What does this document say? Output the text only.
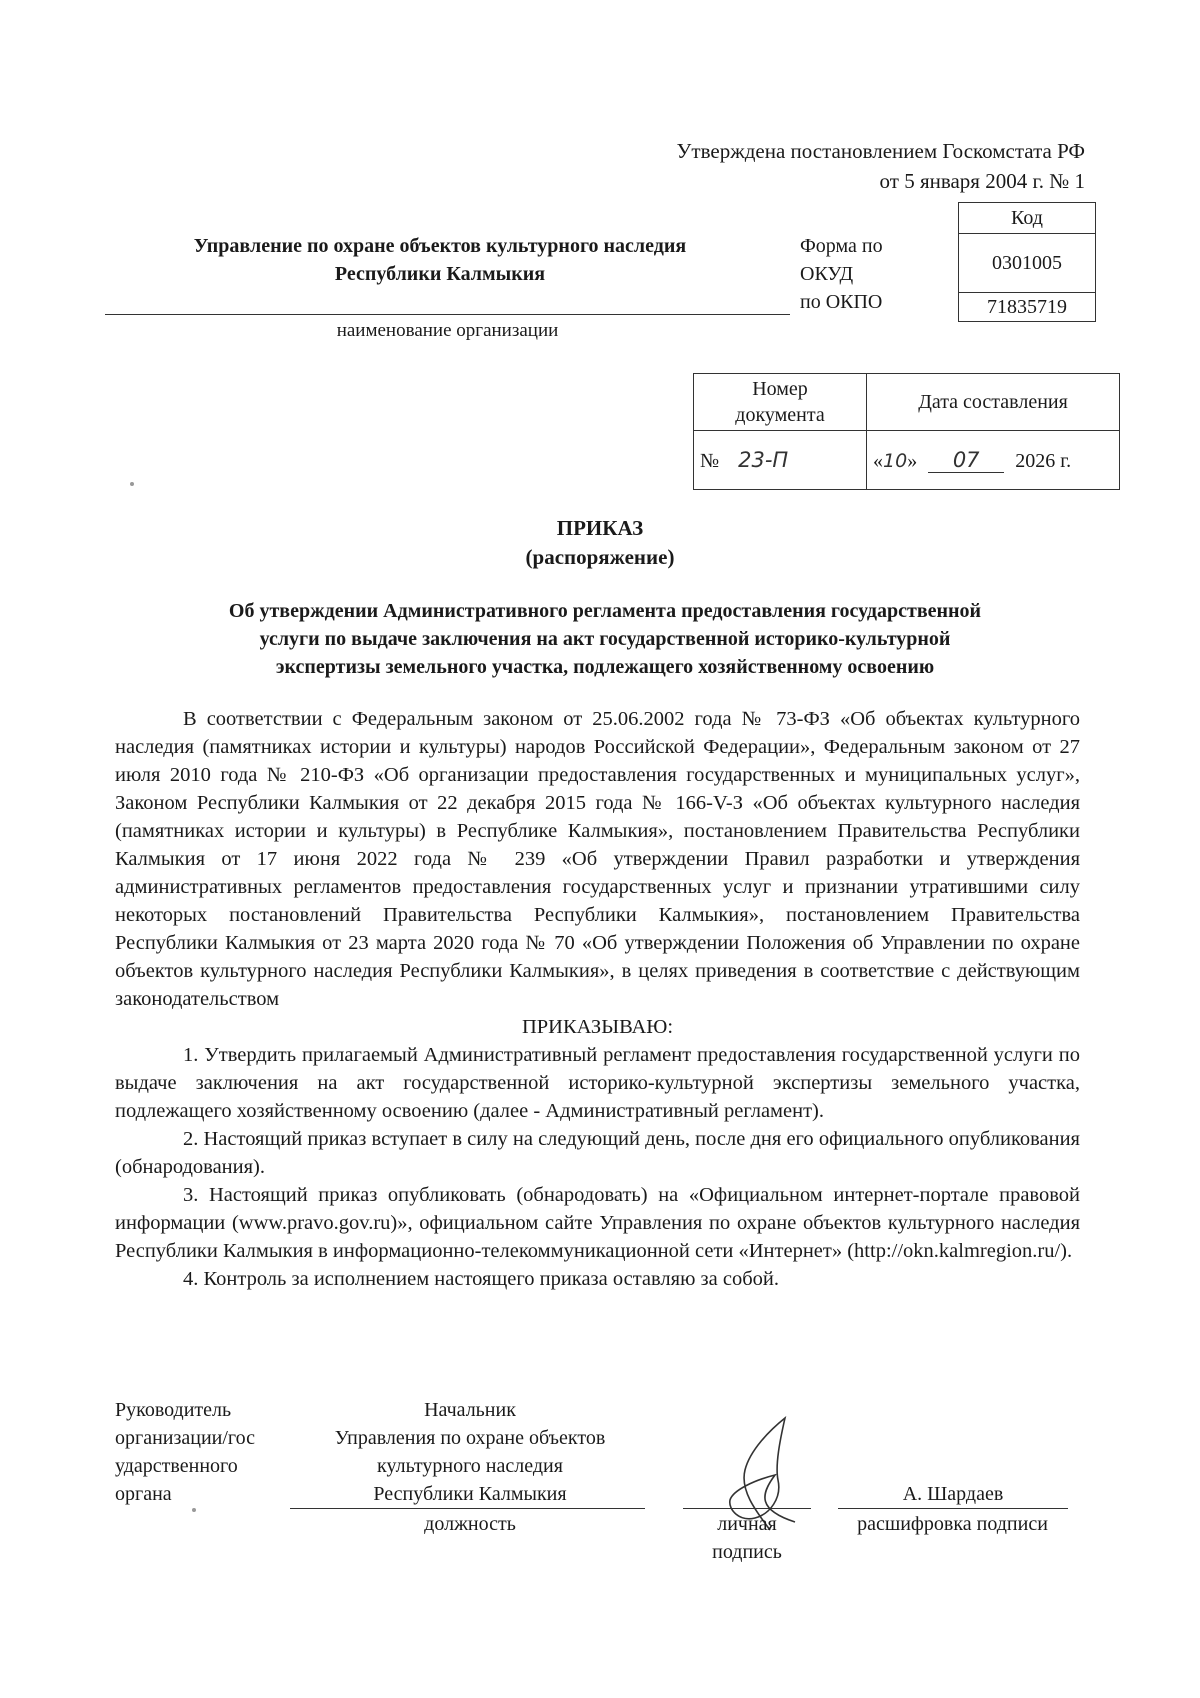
Утверждена постановлением Госкомстата РФ
от 5 января 2004 г. № 1
Управление по охране объектов культурного наследия
Республики Калмыкия
наименование организации
Форма по
ОКУД
по ОКПО
Код
0301005
71835719
Номер
документа	Дата составления
№ 23-П	«10» 07 2026 г.
ПРИКАЗ
(распоряжение)
Об утверждении Административного регламента предоставления государственной
услуги по выдаче заключения на акт государственной историко-культурной
экспертизы земельного участка, подлежащего хозяйственному освоению

В соответствии с Федеральным законом от 25.06.2002 года № 73-ФЗ «Об объектах культурного наследия (памятниках истории и культуры) народов Российской Федерации», Федеральным законом от 27 июля 2010 года № 210-ФЗ «Об организации предоставления государственных и муниципальных услуг», Законом Республики Калмыкия от 22 декабря 2015 года № 166-V-З «Об объектах культурного наследия (памятниках истории и культуры) в Республике Калмыкия», постановлением Правительства Республики Калмыкия от 17 июня 2022 года № 239 «Об утверждении Правил разработки и утверждения административных регламентов предоставления государственных услуг и признании утратившими силу некоторых постановлений Правительства Республики Калмыкия», постановлением Правительства Республики Калмыкия от 23 марта 2020 года № 70 «Об утверждении Положения об Управлении по охране объектов культурного наследия Республики Калмыкия», в целях приведения в соответствие с действующим законодательством

ПРИКАЗЫВАЮ:

1. Утвердить прилагаемый Административный регламент предоставления государственной услуги по выдаче заключения на акт государственной историко-культурной экспертизы земельного участка, подлежащего хозяйственному освоению (далее - Административный регламент).

2. Настоящий приказ вступает в силу на следующий день, после дня его официального опубликования (обнародования).

3. Настоящий приказ опубликовать (обнародовать) на «Официальном интернет-портале правовой информации (www.pravo.gov.ru)», официальном сайте Управления по охране объектов культурного наследия Республики Калмыкия в информационно-телекоммуникационной сети «Интернет» (http://okn.kalmregion.ru/).

4. Контроль за исполнением настоящего приказа оставляю за собой.

Руководитель
организации/гос
ударственного
органа
Начальник
Управления по охране объектов
культурного наследия
Республики Калмыкия
должность	личная
подпись
А. Шардаев
расшифровка подписи
